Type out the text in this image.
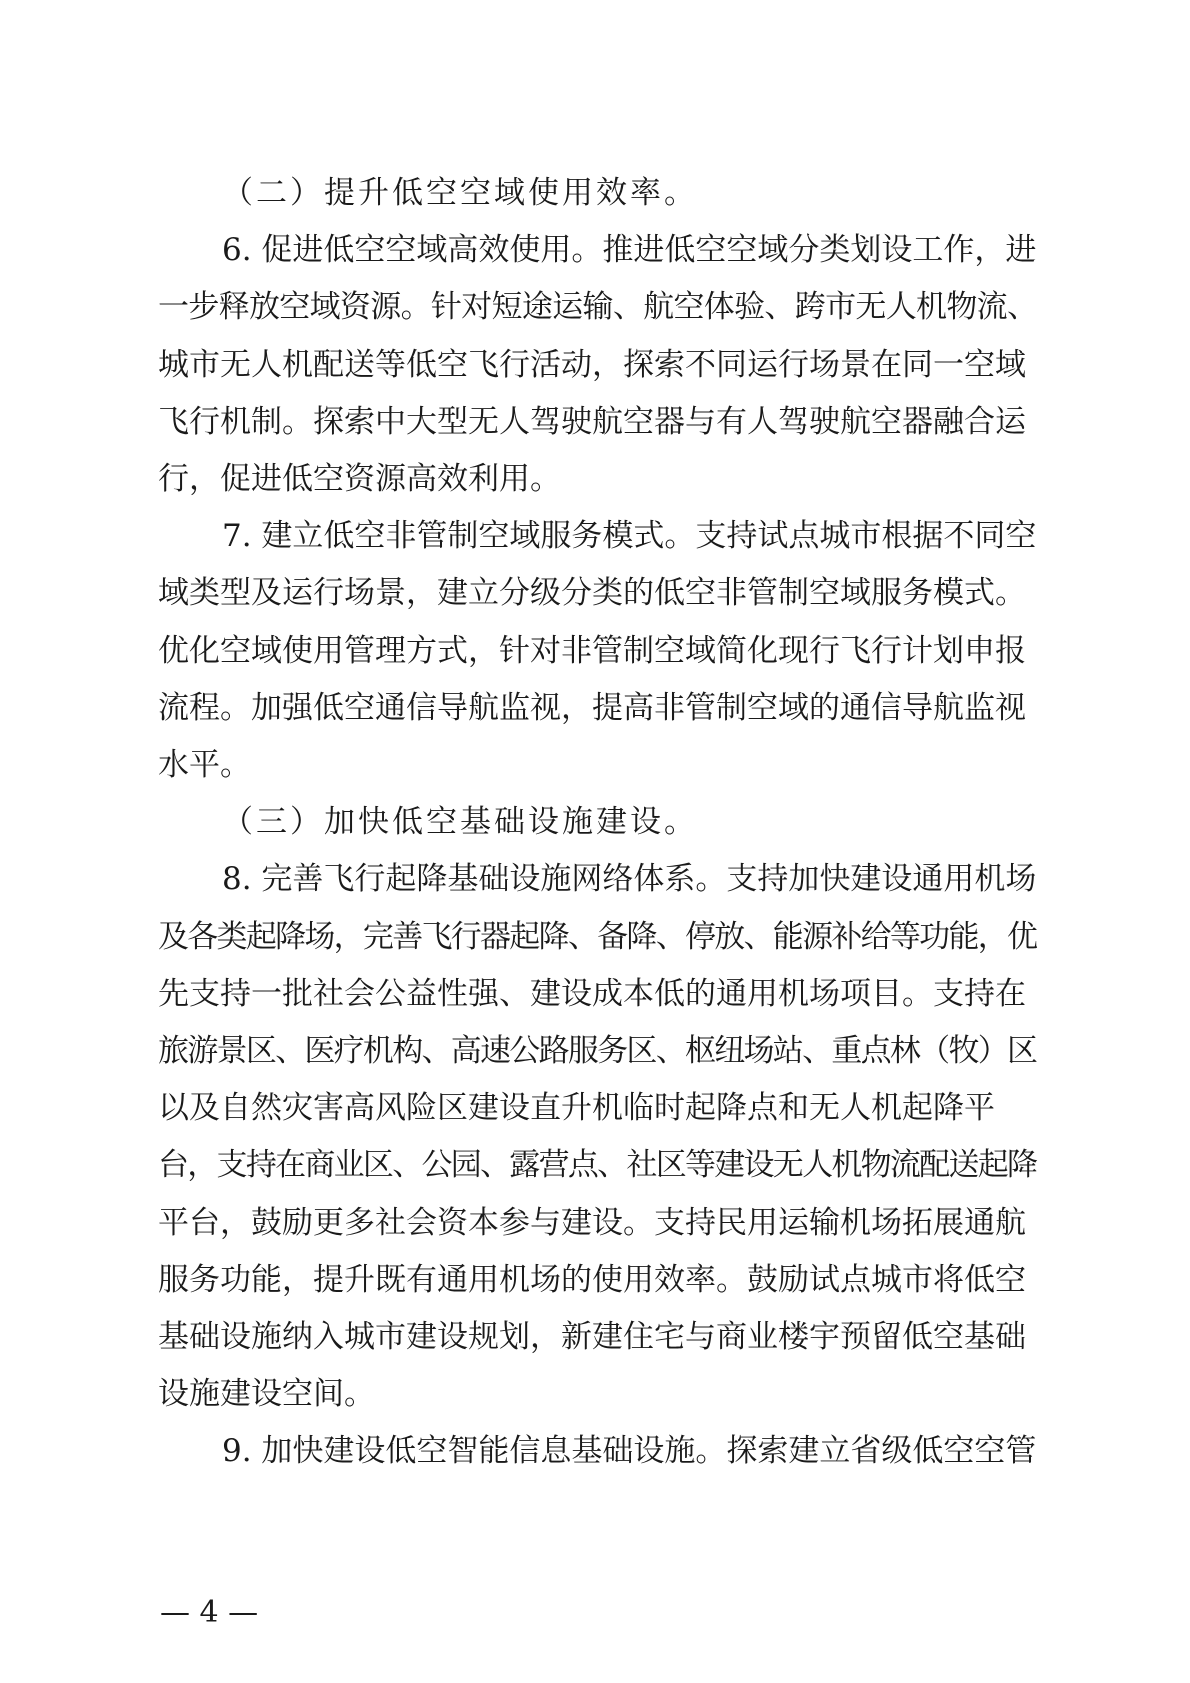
（二）提升低空空域使用效率。
6. 促进低空空域高效使用。推进低空空域分类划设工作，进
一步释放空域资源。针对短途运输、航空体验、跨市无人机物流、
城市无人机配送等低空飞行活动，探索不同运行场景在同一空域
飞行机制。探索中大型无人驾驶航空器与有人驾驶航空器融合运
行，促进低空资源高效利用。
7. 建立低空非管制空域服务模式。支持试点城市根据不同空
域类型及运行场景，建立分级分类的低空非管制空域服务模式。
优化空域使用管理方式，针对非管制空域简化现行飞行计划申报
流程。加强低空通信导航监视，提高非管制空域的通信导航监视
水平。
（三）加快低空基础设施建设。
8. 完善飞行起降基础设施网络体系。支持加快建设通用机场
及各类起降场，完善飞行器起降、备降、停放、能源补给等功能，优
先支持一批社会公益性强、建设成本低的通用机场项目。支持在
旅游景区、医疗机构、高速公路服务区、枢纽场站、重点林（牧）区
以及自然灾害高风险区建设直升机临时起降点和无人机起降平
台，支持在商业区、公园、露营点、社区等建设无人机物流配送起降
平台，鼓励更多社会资本参与建设。支持民用运输机场拓展通航
服务功能，提升既有通用机场的使用效率。鼓励试点城市将低空
基础设施纳入城市建设规划，新建住宅与商业楼宇预留低空基础
设施建设空间。
9. 加快建设低空智能信息基础设施。探索建立省级低空空管
— 4 —
